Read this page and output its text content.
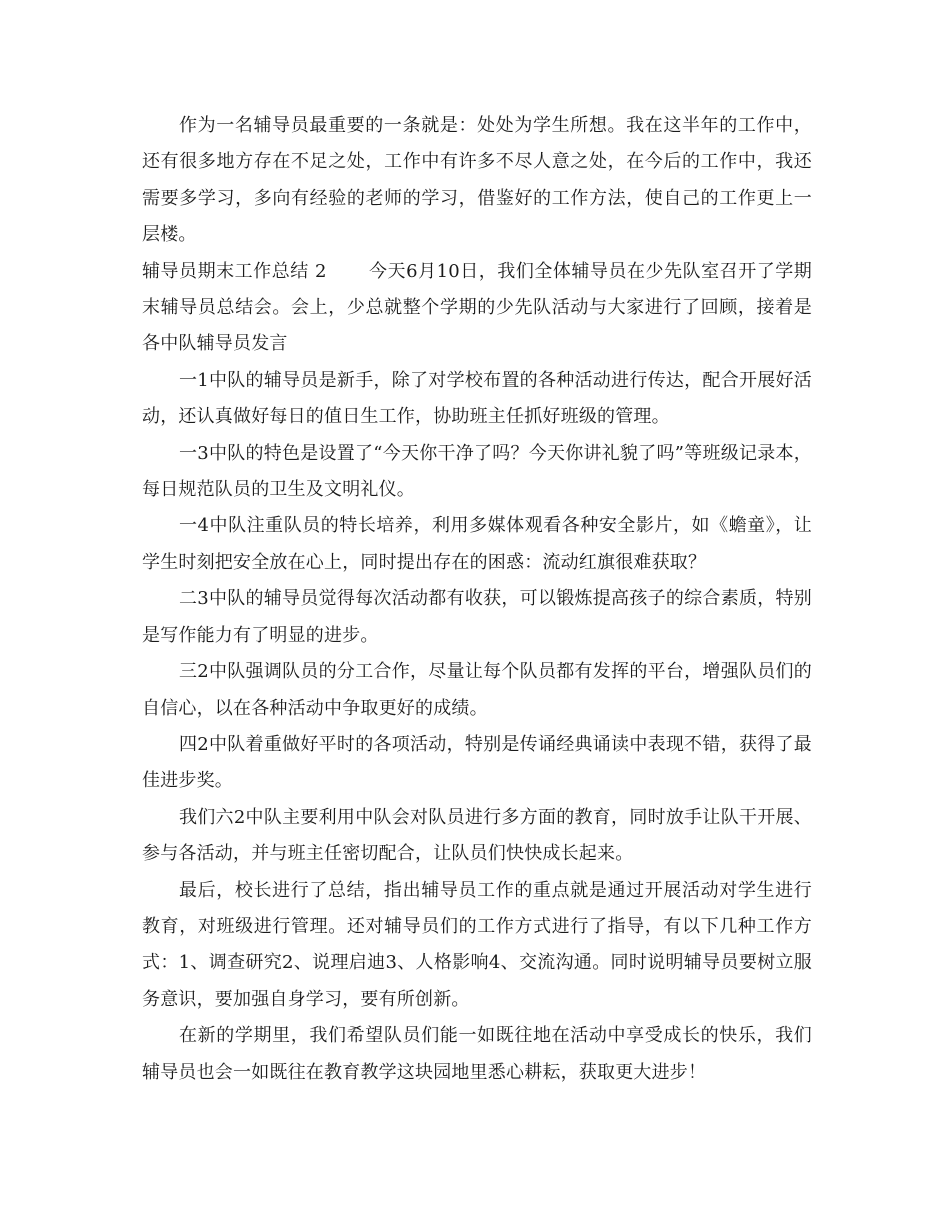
作为一名辅导员最重要的一条就是：处处为学生所想。我在这半年的工作中，还有很多地方存在不足之处，工作中有许多不尽人意之处，在今后的工作中，我还需要多学习，多向有经验的老师的学习，借鉴好的工作方法，使自己的工作更上一层楼。

辅导员期末工作总结 2 今天6月10日，我们全体辅导员在少先队室召开了学期末辅导员总结会。会上，少总就整个学期的少先队活动与大家进行了回顾，接着是各中队辅导员发言

一1中队的辅导员是新手，除了对学校布置的各种活动进行传达，配合开展好活动，还认真做好每日的值日生工作，协助班主任抓好班级的管理。

一3中队的特色是设置了“今天你干净了吗？今天你讲礼貌了吗”等班级记录本，每日规范队员的卫生及文明礼仪。

一4中队注重队员的特长培养，利用多媒体观看各种安全影片，如《蟾童》，让学生时刻把安全放在心上，同时提出存在的困惑：流动红旗很难获取？

二3中队的辅导员觉得每次活动都有收获，可以锻炼提高孩子的综合素质，特别是写作能力有了明显的进步。

三2中队强调队员的分工合作，尽量让每个队员都有发挥的平台，增强队员们的自信心，以在各种活动中争取更好的成绩。

四2中队着重做好平时的各项活动，特别是传诵经典诵读中表现不错，获得了最佳进步奖。

我们六2中队主要利用中队会对队员进行多方面的教育，同时放手让队干开展、参与各活动，并与班主任密切配合，让队员们快快成长起来。

最后，校长进行了总结，指出辅导员工作的重点就是通过开展活动对学生进行教育，对班级进行管理。还对辅导员们的工作方式进行了指导，有以下几种工作方式：1、调查研究2、说理启迪3、人格影响4、交流沟通。同时说明辅导员要树立服务意识，要加强自身学习，要有所创新。

在新的学期里，我们希望队员们能一如既往地在活动中享受成长的快乐，我们辅导员也会一如既往在教育教学这块园地里悉心耕耘，获取更大进步！
